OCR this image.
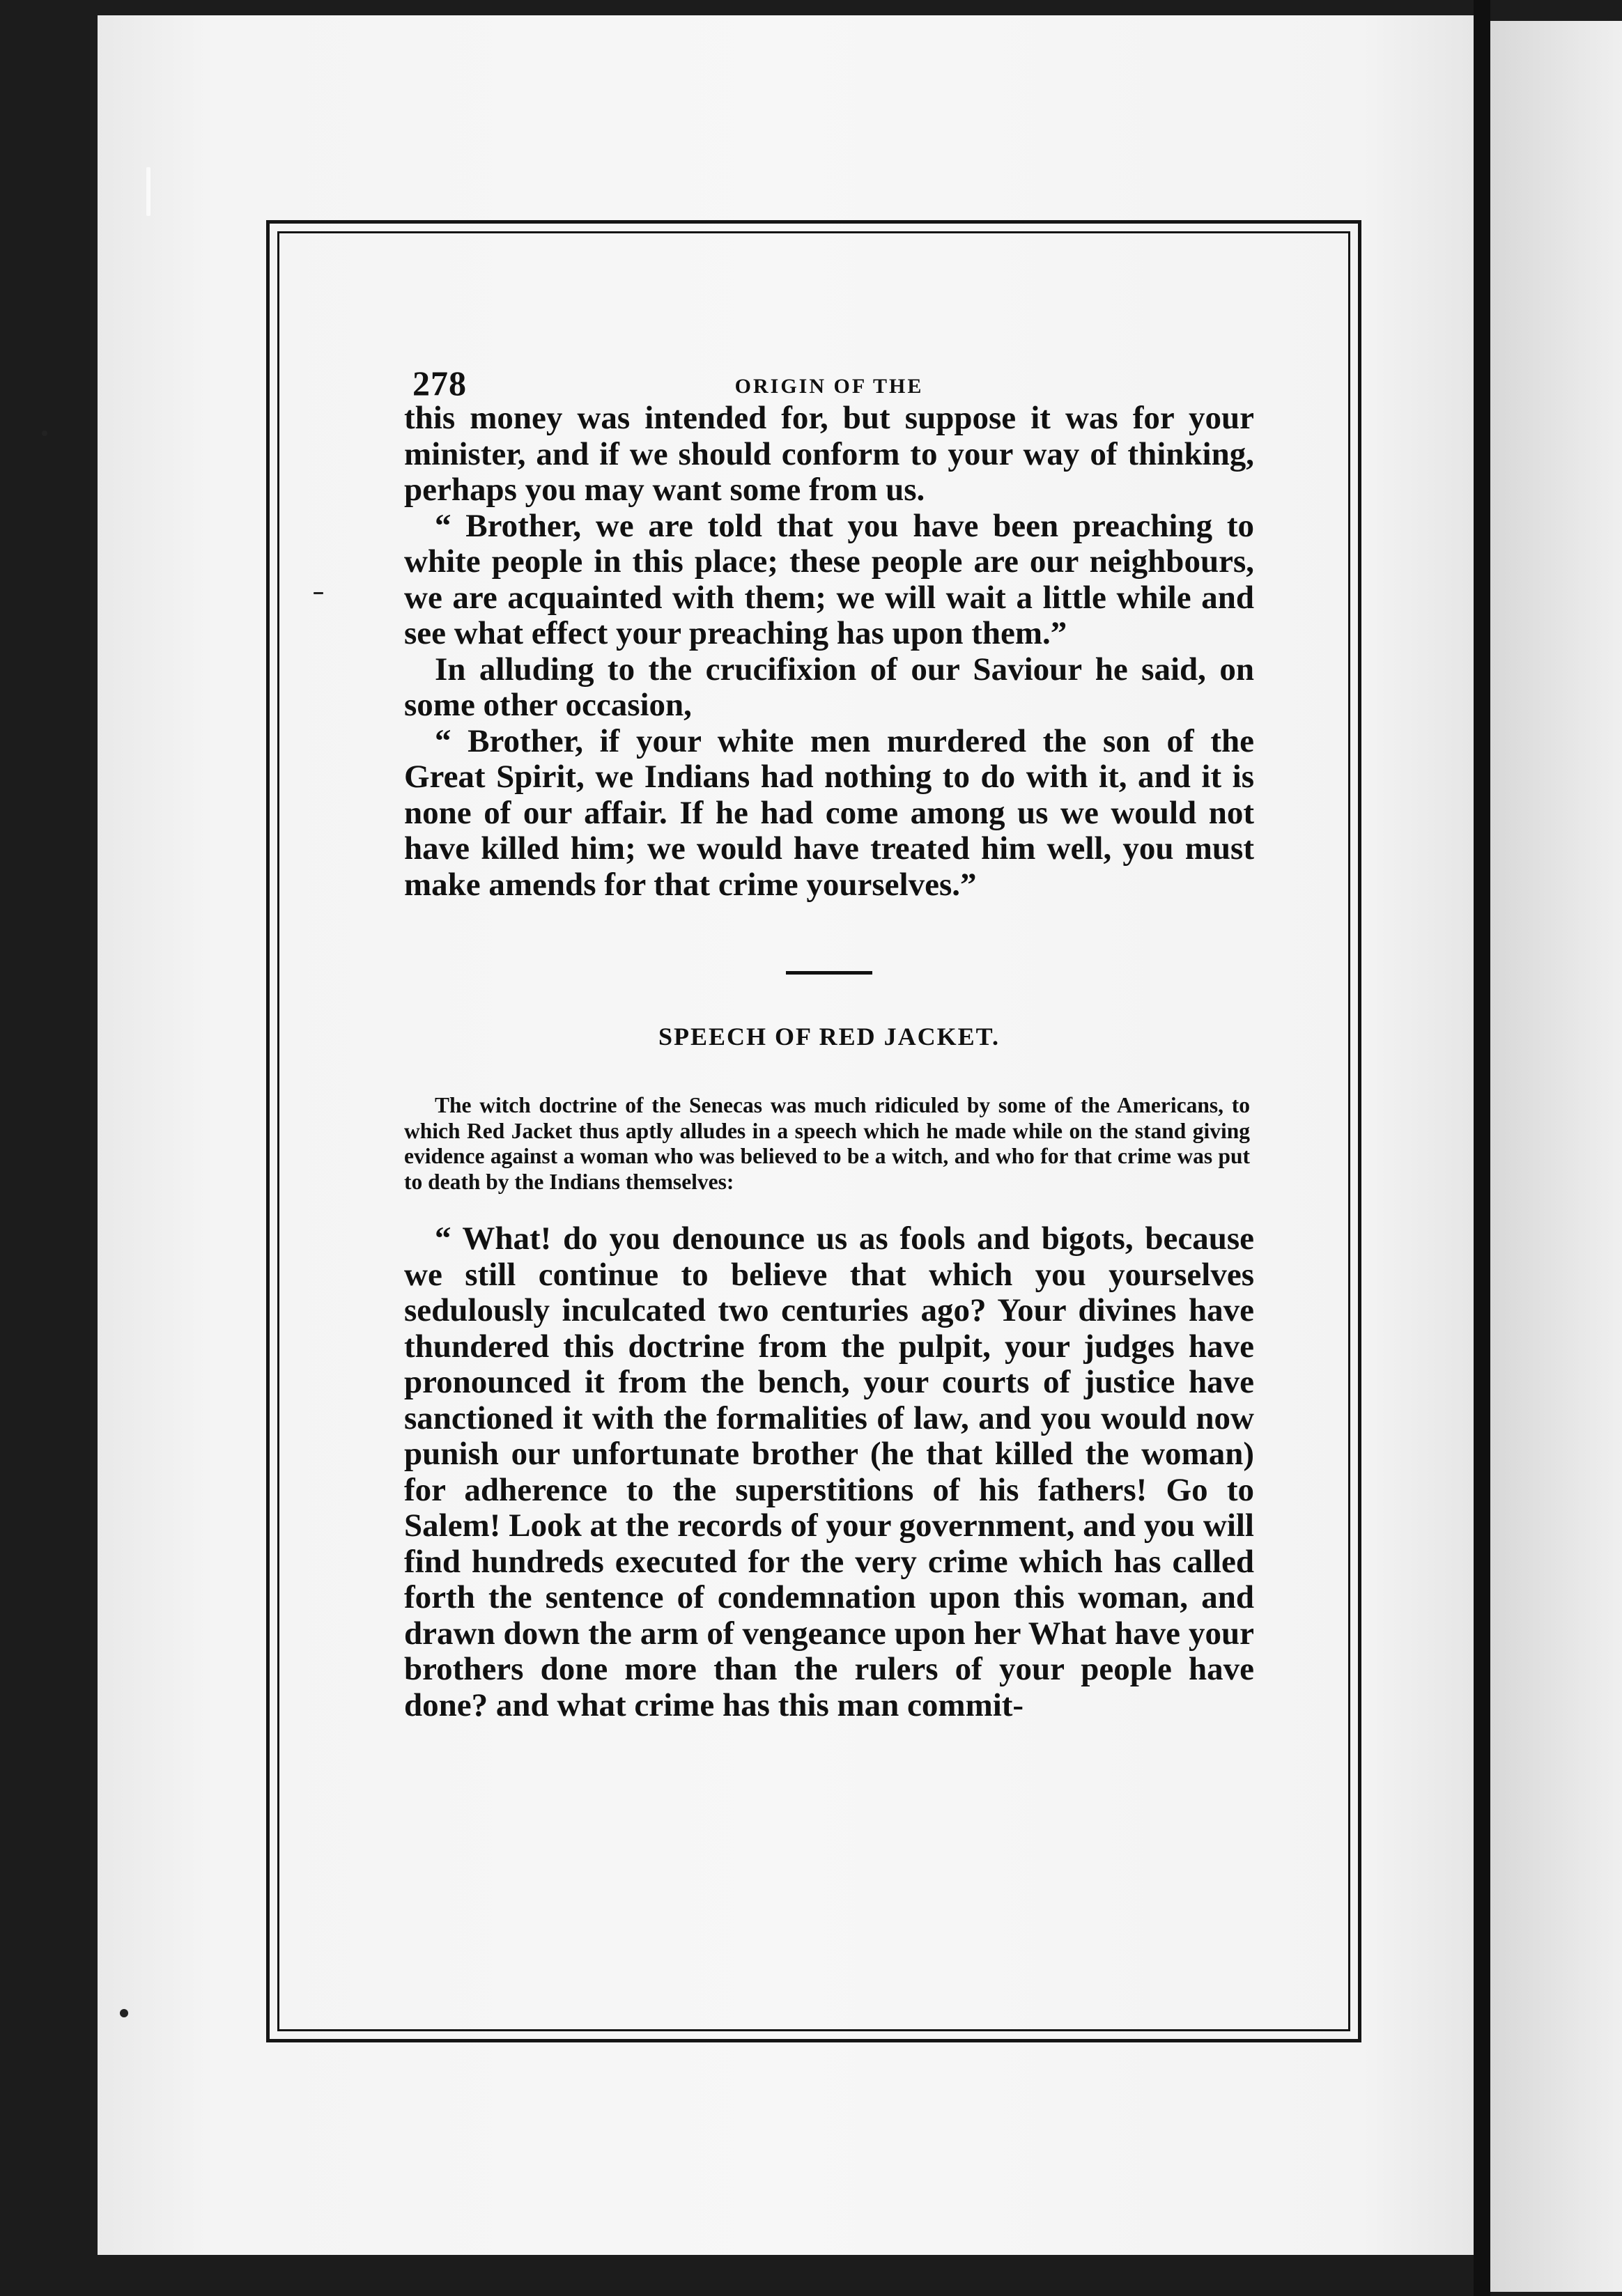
278	ORIGIN OF THE

this money was intended for, but suppose it was for your minister, and if we should conform to your way of thinking, perhaps you may want some from us.

“ Brother, we are told that you have been preaching to white people in this place; these people are our neighbours, we are acquainted with them; we will wait a little while and see what effect your preaching has upon them.”

In alluding to the crucifixion of our Saviour he said, on some other occasion,

“ Brother, if your white men murdered the son of the Great Spirit, we Indians had nothing to do with it, and it is none of our affair. If he had come among us we would not have killed him; we would have treated him well, you must make amends for that crime yourselves.”

SPEECH OF RED JACKET.

The witch doctrine of the Senecas was much ridiculed by some of the Americans, to which Red Jacket thus aptly alludes in a speech which he made while on the stand giving evidence against a woman who was believed to be a witch, and who for that crime was put to death by the Indians themselves:

“ What! do you denounce us as fools and bigots, because we still continue to believe that which you yourselves sedulously inculcated two centuries ago? Your divines have thundered this doctrine from the pulpit, your judges have pronounced it from the bench, your courts of justice have sanctioned it with the formalities of law, and you would now punish our unfortunate brother (he that killed the woman) for adherence to the superstitions of his fathers! Go to Salem! Look at the records of your government, and you will find hundreds executed for the very crime which has called forth the sentence of condemnation upon this woman, and drawn down the arm of vengeance upon her What have your brothers done more than the rulers of your people have done? and what crime has this man commit-
